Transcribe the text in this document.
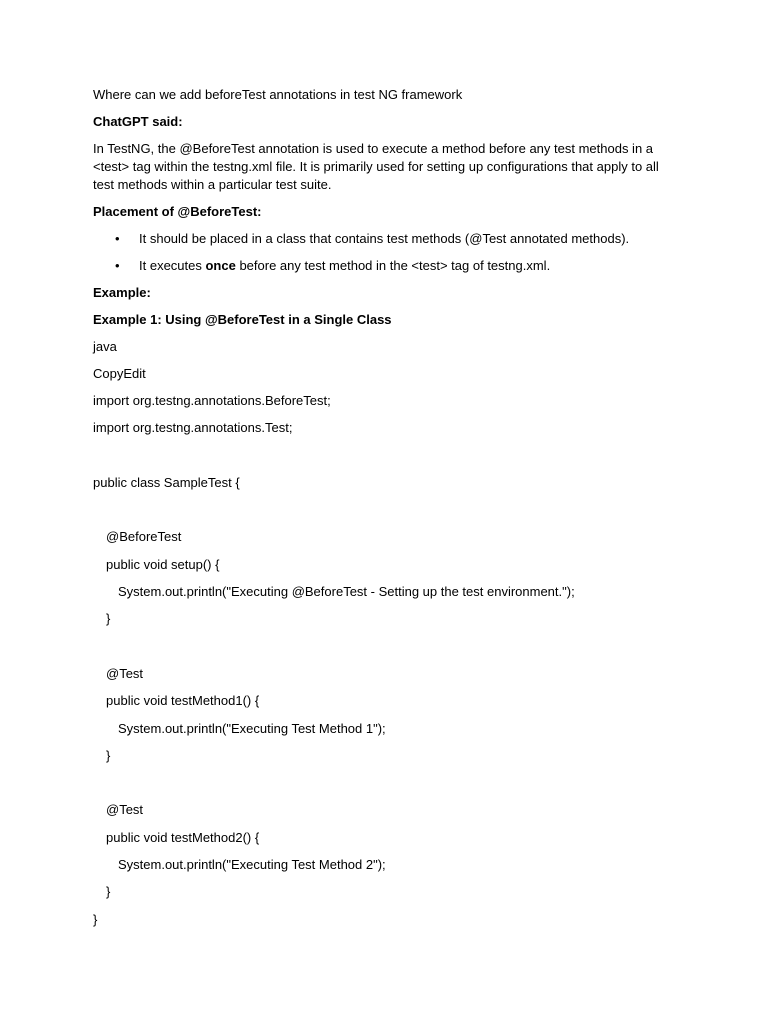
Where can we add beforeTest annotations in test NG framework

ChatGPT said:

In TestNG, the @BeforeTest annotation is used to execute a method before any test methods in a <test> tag within the testng.xml file. It is primarily used for setting up configurations that apply to all test methods within a particular test suite.

Placement of @BeforeTest:

• It should be placed in a class that contains test methods (@Test annotated methods).
• It executes once before any test method in the <test> tag of testng.xml.

Example:

Example 1: Using @BeforeTest in a Single Class

java

CopyEdit

import org.testng.annotations.BeforeTest;
import org.testng.annotations.Test;
public class SampleTest {
@BeforeTest
public void setup() {
System.out.println("Executing @BeforeTest - Setting up the test environment.");
}
@Test
public void testMethod1() {
System.out.println("Executing Test Method 1");
}
@Test
public void testMethod2() {
System.out.println("Executing Test Method 2");
}
}
